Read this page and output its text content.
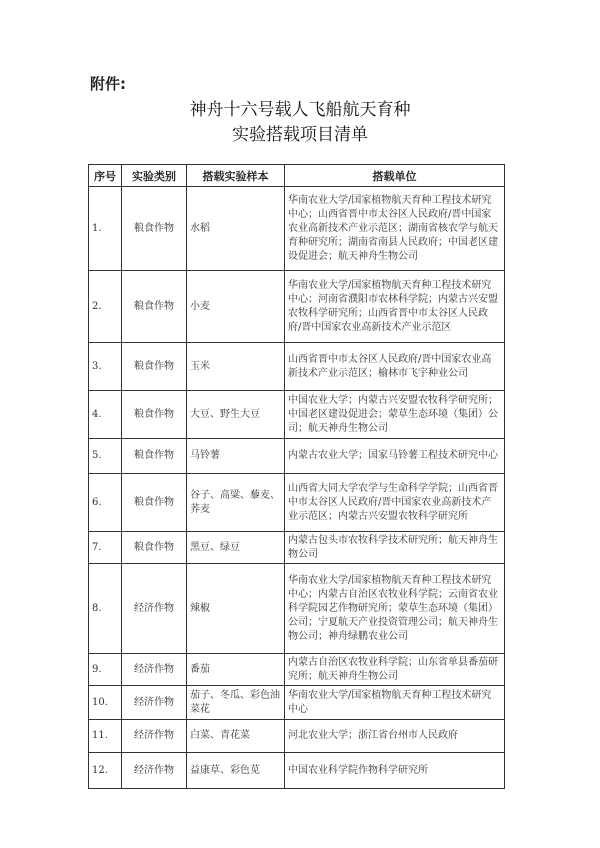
附件:
神舟十六号载人飞船航天育种
实验搭载项目清单
序号	实验类别	搭载实验样本	搭载单位
1.	粮食作物	水稻	华南农业大学/国家植物航天育种工程技术研究中心；山西省晋中市太谷区人民政府/晋中国家农业高新技术产业示范区；湖南省核农学与航天育种研究所；湖南省南县人民政府；中国老区建设促进会；航天神舟生物公司
2.	粮食作物	小麦	华南农业大学/国家植物航天育种工程技术研究中心；河南省濮阳市农林科学院；内蒙古兴安盟农牧科学研究所；山西省晋中市太谷区人民政府/晋中国家农业高新技术产业示范区
3.	粮食作物	玉米	山西省晋中市太谷区人民政府/晋中国家农业高新技术产业示范区；榆林市飞宇种业公司
4.	粮食作物	大豆、野生大豆	中国农业大学；内蒙古兴安盟农牧科学研究所；中国老区建设促进会；蒙草生态环境（集团）公司；航天神舟生物公司
5.	粮食作物	马铃薯	内蒙古农业大学；国家马铃薯工程技术研究中心
6.	粮食作物	谷子、高粱、藜麦、荞麦	山西省大同大学农学与生命科学学院；山西省晋中市太谷区人民政府/晋中国家农业高新技术产业示范区；内蒙古兴安盟农牧科学研究所
7.	粮食作物	黑豆、绿豆	内蒙古包头市农牧科学技术研究所；航天神舟生物公司
8.	经济作物	辣椒	华南农业大学/国家植物航天育种工程技术研究中心；内蒙古自治区农牧业科学院；云南省农业科学院园艺作物研究所；蒙草生态环境（集团）公司；宁夏航天产业投资管理公司；航天神舟生物公司；神舟绿鹏农业公司
9.	经济作物	番茄	内蒙古自治区农牧业科学院；山东省单县番茄研究所；航天神舟生物公司
10.	经济作物	茄子、冬瓜、彩色油菜花	华南农业大学/国家植物航天育种工程技术研究中心
11.	经济作物	白菜、青花菜	河北农业大学；浙江省台州市人民政府
12.	经济作物	益康草、彩色苋	中国农业科学院作物科学研究所
